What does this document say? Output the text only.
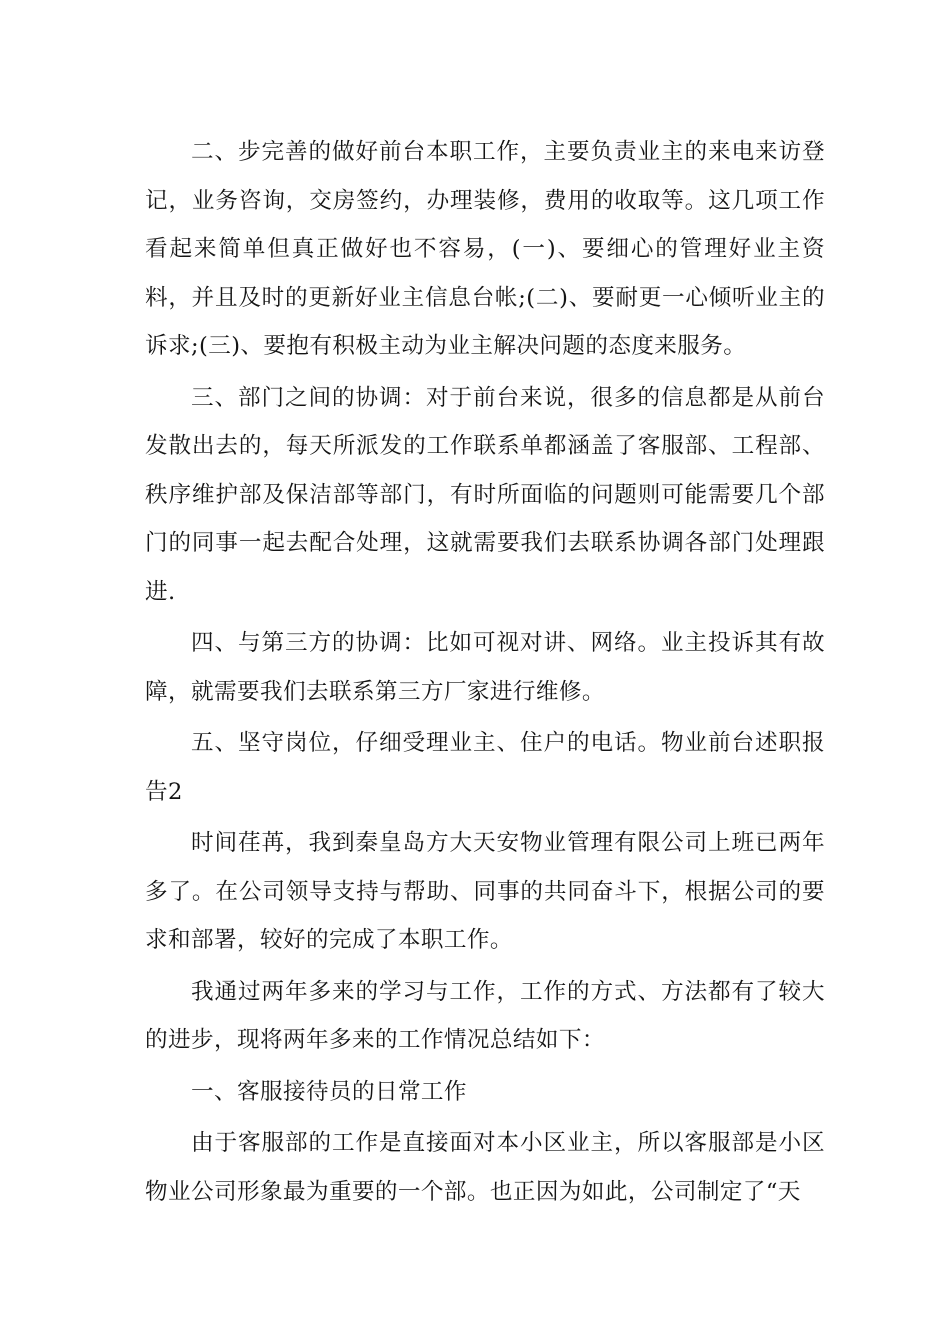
二、步完善的做好前台本职工作，主要负责业主的来电来访登记，业务咨询，交房签约，办理装修，费用的收取等。这几项工作看起来简单但真正做好也不容易，(一)、要细心的管理好业主资料，并且及时的更新好业主信息台帐;(二)、要耐更一心倾听业主的诉求;(三)、要抱有积极主动为业主解决问题的态度来服务。

三、部门之间的协调：对于前台来说，很多的信息都是从前台发散出去的，每天所派发的工作联系单都涵盖了客服部、工程部、秩序维护部及保洁部等部门，有时所面临的问题则可能需要几个部门的同事一起去配合处理，这就需要我们去联系协调各部门处理跟进.

四、与第三方的协调：比如可视对讲、网络。业主投诉其有故障，就需要我们去联系第三方厂家进行维修。

五、坚守岗位，仔细受理业主、住户的电话。物业前台述职报告2

时间荏苒，我到秦皇岛方大天安物业管理有限公司上班已两年多了。在公司领导支持与帮助、同事的共同奋斗下，根据公司的要求和部署，较好的完成了本职工作。

我通过两年多来的学习与工作，工作的方式、方法都有了较大的进步，现将两年多来的工作情况总结如下：

一、客服接待员的日常工作

由于客服部的工作是直接面对本小区业主，所以客服部是小区物业公司形象最为重要的一个部。也正因为如此，公司制定了“天
